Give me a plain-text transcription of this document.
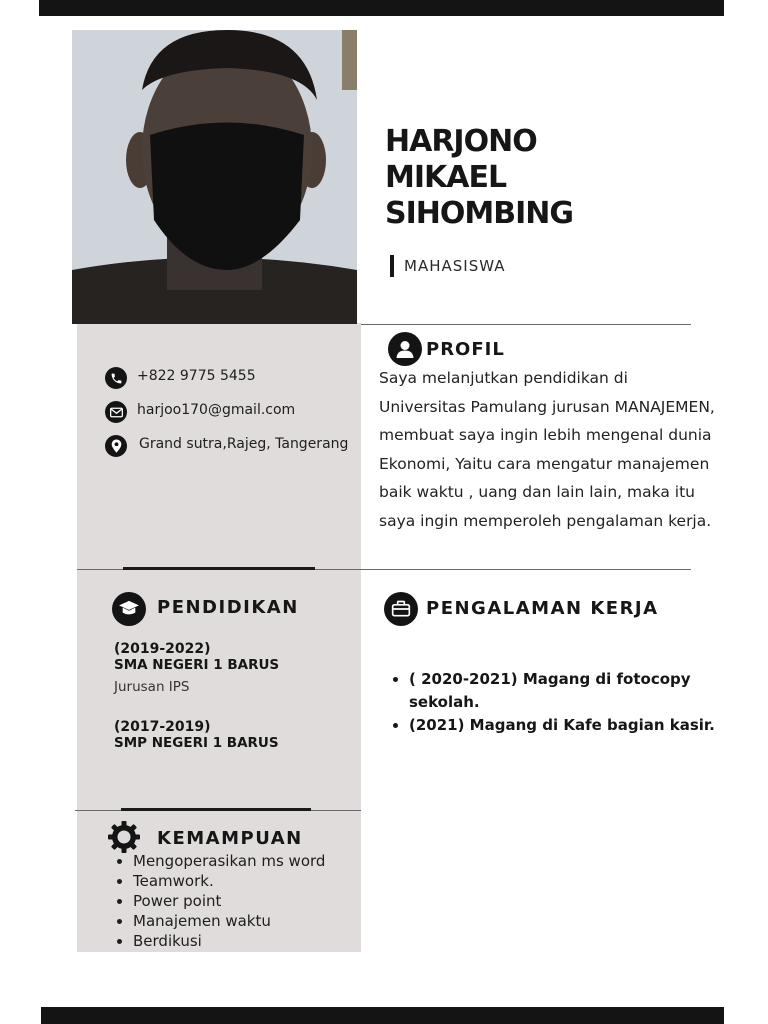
HARJONO
MIKAEL
SIHOMBING
MAHASISWA
PROFIL

Saya melanjutkan pendidikan di Universitas Pamulang jurusan MANAJEMEN, membuat saya ingin lebih mengenal dunia Ekonomi, Yaitu cara mengatur manajemen baik waktu , uang dan lain lain, maka itu saya ingin memperoleh pengalaman kerja.

+822 9775 5455
harjoo170@gmail.com
Grand sutra,Rajeg, Tangerang
PENDIDIKAN
(2019-2022)
SMA NEGERI 1 BARUS
Jurusan IPS
(2017-2019)
SMP NEGERI 1 BARUS
PENGALAMAN KERJA
• ( 2020-2021) Magang di fotocopy sekolah.
• (2021) Magang di Kafe bagian kasir.
KEMAMPUAN
• Mengoperasikan ms word
• Teamwork.
• Power point
• Manajemen waktu
• Berdikusi
